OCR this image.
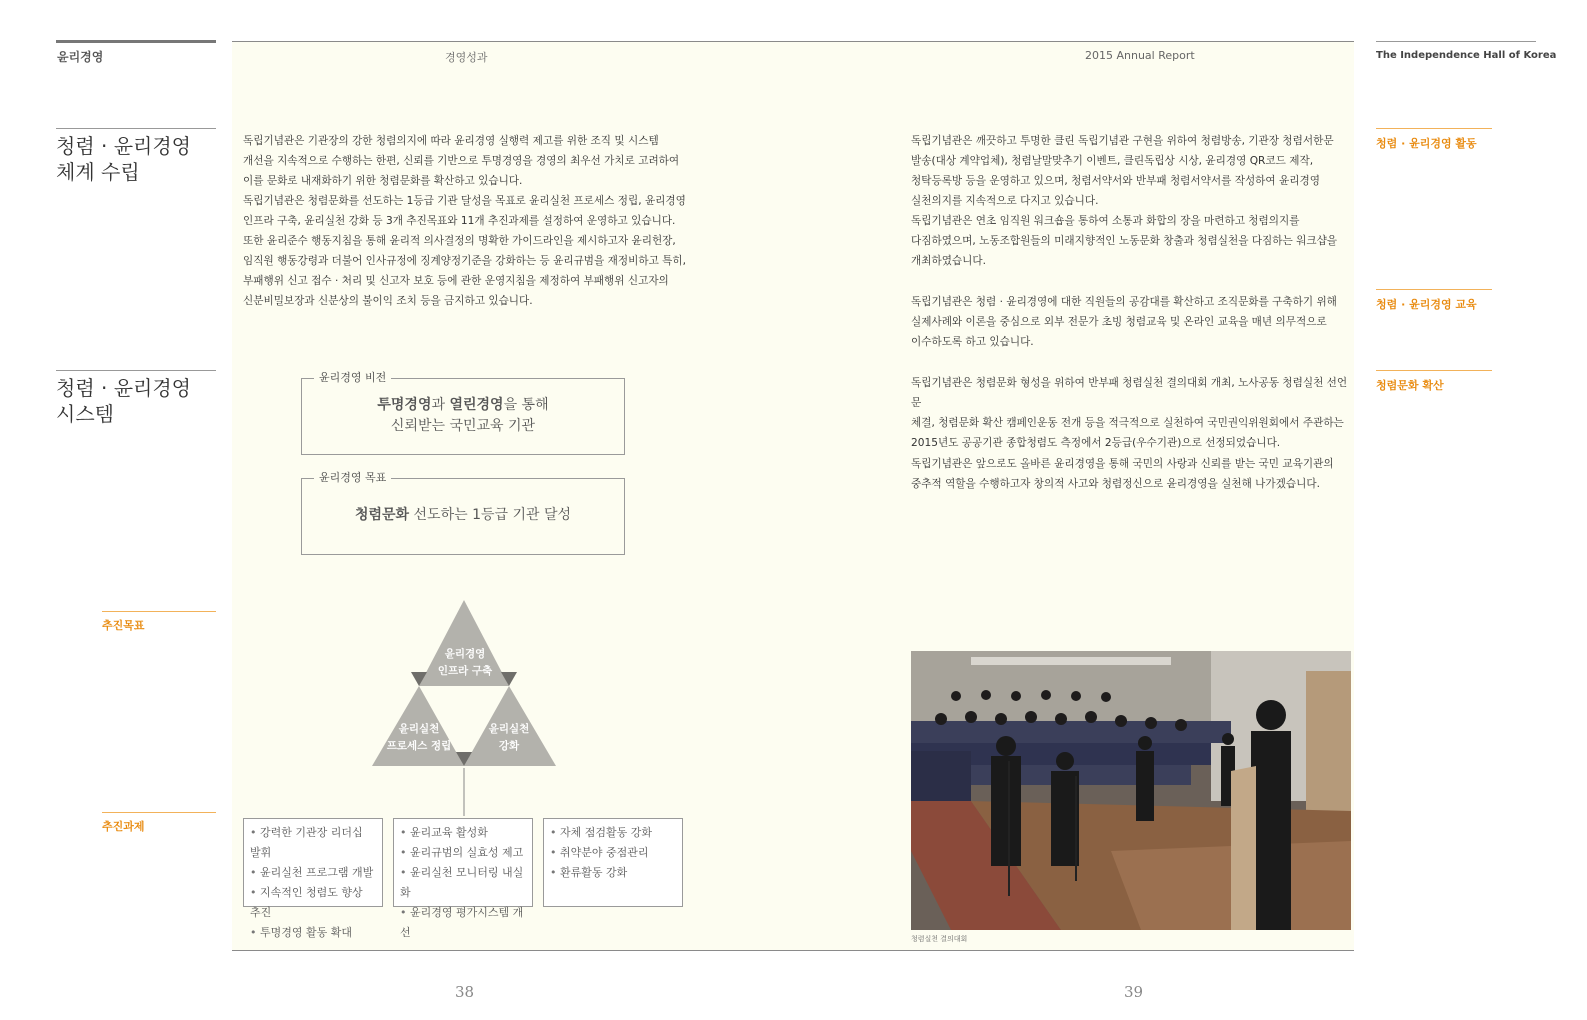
윤리경영	경영성과	2015 Annual Report	The Independence Hall of Korea
청렴 · 윤리경영
체계 수립
청렴 · 윤리경영
시스템
추진목표
추진과제

독립기념관은 기관장의 강한 청렴의지에 따라 윤리경영 실행력 제고를 위한 조직 및 시스템

개선을 지속적으로 수행하는 한편, 신뢰를 기반으로 투명경영을 경영의 최우선 가치로 고려하여

이를 문화로 내재화하기 위한 청렴문화를 확산하고 있습니다.

독립기념관은 청렴문화를 선도하는 1등급 기관 달성을 목표로 윤리실천 프로세스 정립, 윤리경영

인프라 구축, 윤리실천 강화 등 3개 추진목표와 11개 추진과제를 설정하여 운영하고 있습니다.

또한 윤리준수 행동지침을 통해 윤리적 의사결정의 명확한 가이드라인을 제시하고자 윤리헌장,

임직원 행동강령과 더불어 인사규정에 징계양정기준을 강화하는 등 윤리규범을 재정비하고 특히,

부패행위 신고 접수 · 처리 및 신고자 보호 등에 관한 운영지침을 제정하여 부패행위 신고자의

신분비밀보장과 신분상의 불이익 조치 등을 금지하고 있습니다.

윤리경영 비전
투명경영과 열린경영을 통해
신뢰받는 국민교육 기관
윤리경영 목표
청렴문화 선도하는 1등급 기관 달성
윤리경영
인프라 구축
윤리실천
프로세스 정립
윤리실천
강화
• 강력한 기관장 리더십 발휘
• 윤리실천 프로그램 개발
• 지속적인 청렴도 향상 추진
• 투명경영 활동 확대
• 윤리교육 활성화
• 윤리규범의 실효성 제고
• 윤리실천 모니터링 내실화
• 윤리경영 평가시스템 개선
• 자체 점검활동 강화
• 취약분야 중점관리
• 환류활동 강화

독립기념관은 깨끗하고 투명한 클린 독립기념관 구현을 위하여 청렴방송, 기관장 청렴서한문

발송(대상 계약업체), 청렴날말맞추기 이벤트, 클린독립상 시상, 윤리경영 QR코드 제작,

청탁등록방 등을 운영하고 있으며, 청렴서약서와 반부패 청렴서약서를 작성하여 윤리경영

실천의지를 지속적으로 다지고 있습니다.

독립기념관은 연초 임직원 워크숍을 통하여 소통과 화합의 장을 마련하고 청렴의지를

다짐하였으며, 노동조합원들의 미래지향적인 노동문화 창출과 청렴실천을 다짐하는 워크샵을

개최하였습니다.

독립기념관은 청렴 · 윤리경영에 대한 직원들의 공감대를 확산하고 조직문화를 구축하기 위해

실제사례와 이론을 중심으로 외부 전문가 초빙 청렴교육 및 온라인 교육을 매년 의무적으로

이수하도록 하고 있습니다.

독립기념관은 청렴문화 형성을 위하여 반부패 청렴실천 결의대회 개최, 노사공동 청렴실천 선언문

체결, 청렴문화 확산 캠페인운동 전개 등을 적극적으로 실천하여 국민권익위원회에서 주관하는

2015년도 공공기관 종합청렴도 측정에서 2등급(우수기관)으로 선정되었습니다.

독립기념관은 앞으로도 올바른 윤리경영을 통해 국민의 사랑과 신뢰를 받는 국민 교육기관의

중추적 역할을 수행하고자 창의적 사고와 청렴정신으로 윤리경영을 실천해 나가겠습니다.

청렴 · 윤리경영 활동
청렴 · 윤리경영 교육
청렴문화 확산
청렴실천 결의대회
38	39
